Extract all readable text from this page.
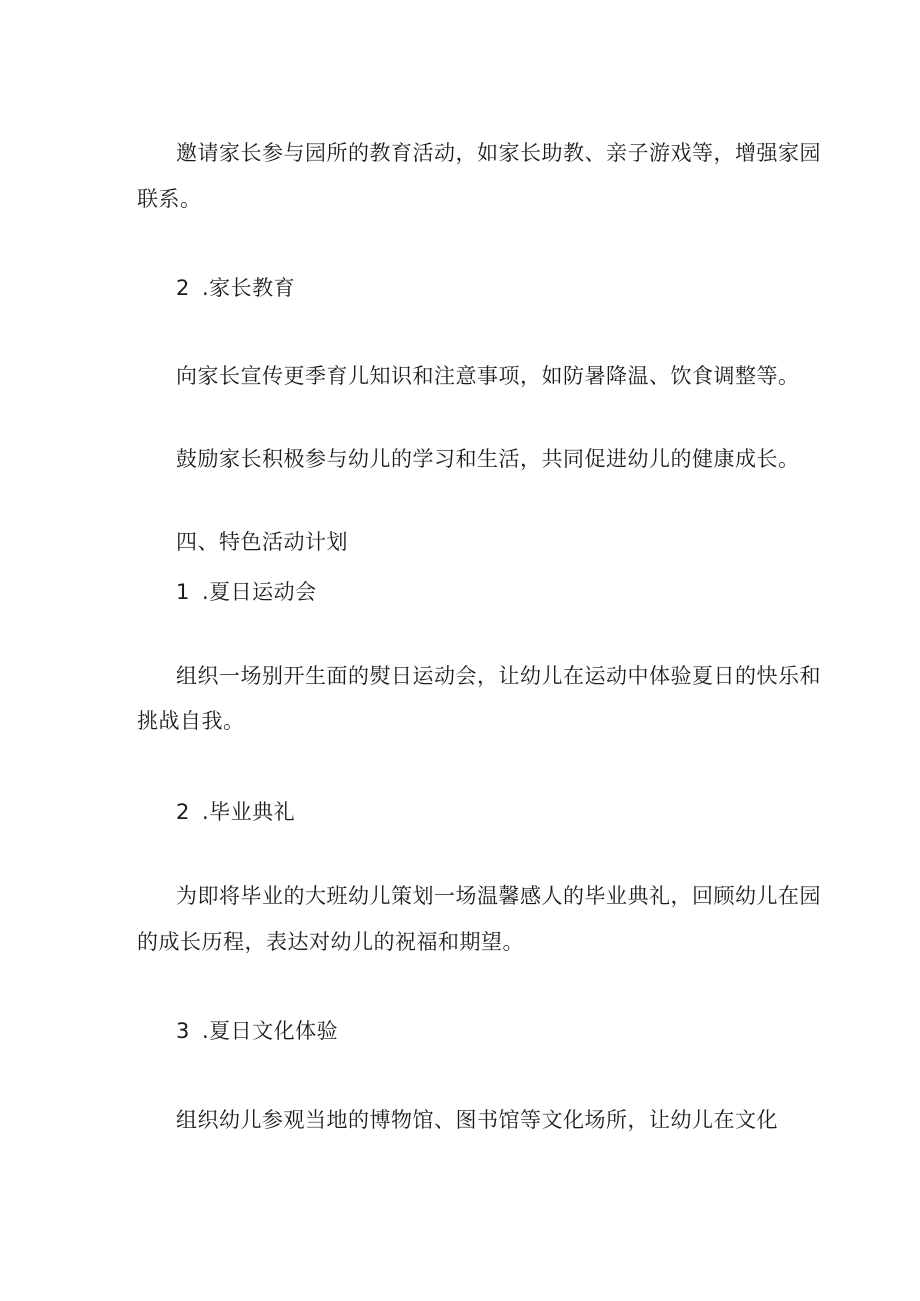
邀请家长参与园所的教育活动，如家长助教、亲子游戏等，增强家园
联系。
2 .家长教育
向家长宣传更季育儿知识和注意事项，如防暑降温、饮食调整等。
鼓励家长积极参与幼儿的学习和生活，共同促进幼儿的健康成长。
四、特色活动计划
1 .夏日运动会
组织一场别开生面的熨日运动会，让幼儿在运动中体验夏日的快乐和
挑战自我。
2 .毕业典礼
为即将毕业的大班幼儿策划一场温馨感人的毕业典礼，回顾幼儿在园
的成长历程，表达对幼儿的祝福和期望。
3 .夏日文化体验
组织幼儿参观当地的博物馆、图书馆等文化场所，让幼儿在文化
